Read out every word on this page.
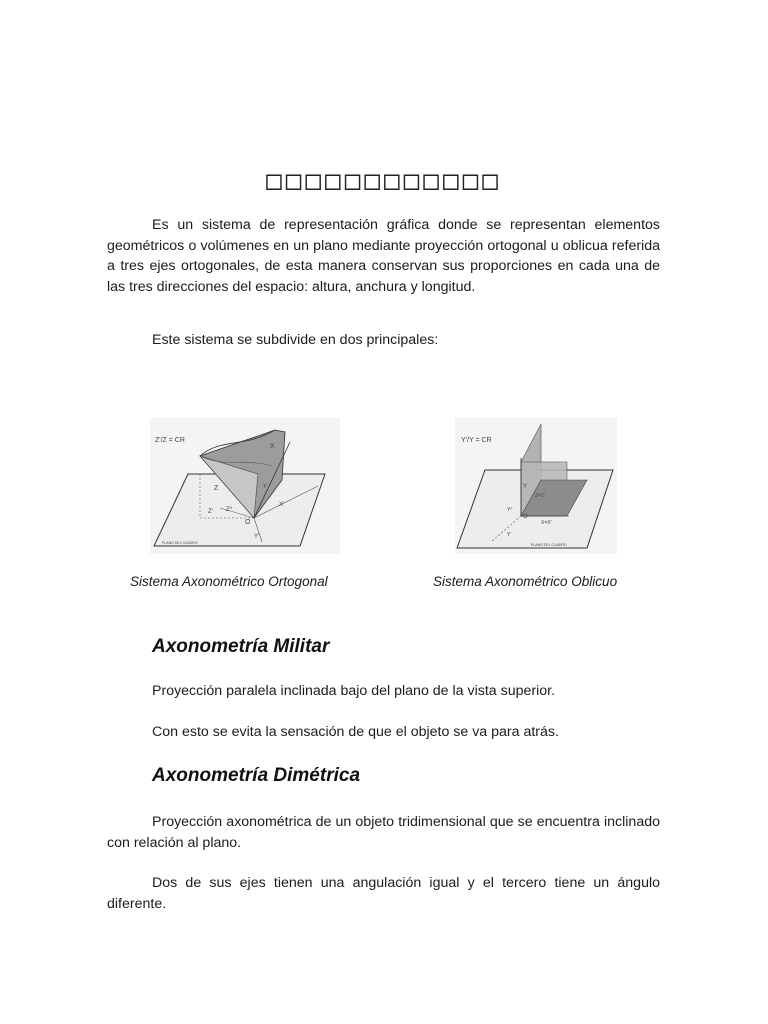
□□□□□□□□□□□□

Es un sistema de representación gráfica donde se representan elementos geométricos o volúmenes en un plano mediante proyección ortogonal u oblicua referida a tres ejes ortogonales, de esta manera conservan sus proporciones en cada una de las tres direcciones del espacio: altura, anchura y longitud.

Este sistema se subdivide en dos principales:

Z'/Z = CR
X
X'
Y
Y'
Z
Z' Z⁰
O
PLANO DEL CUADRO
Sistema Axonométrico Ortogonal
Y'/Y = CR
Y
Y'
Y⁰
Z=Z'
X=X'
O
PLANO DEL CUADRO
Sistema Axonométrico Oblicuo
Axonometría Militar
Proyección paralela inclinada bajo del plano de la vista superior.
Con esto se evita la sensación de que el objeto se va para atrás.
Axonometría Dimétrica

Proyección axonométrica de un objeto tridimensional que se encuentra inclinado con relación al plano.

Dos de sus ejes tienen una angulación igual y el tercero tiene un ángulo diferente.
